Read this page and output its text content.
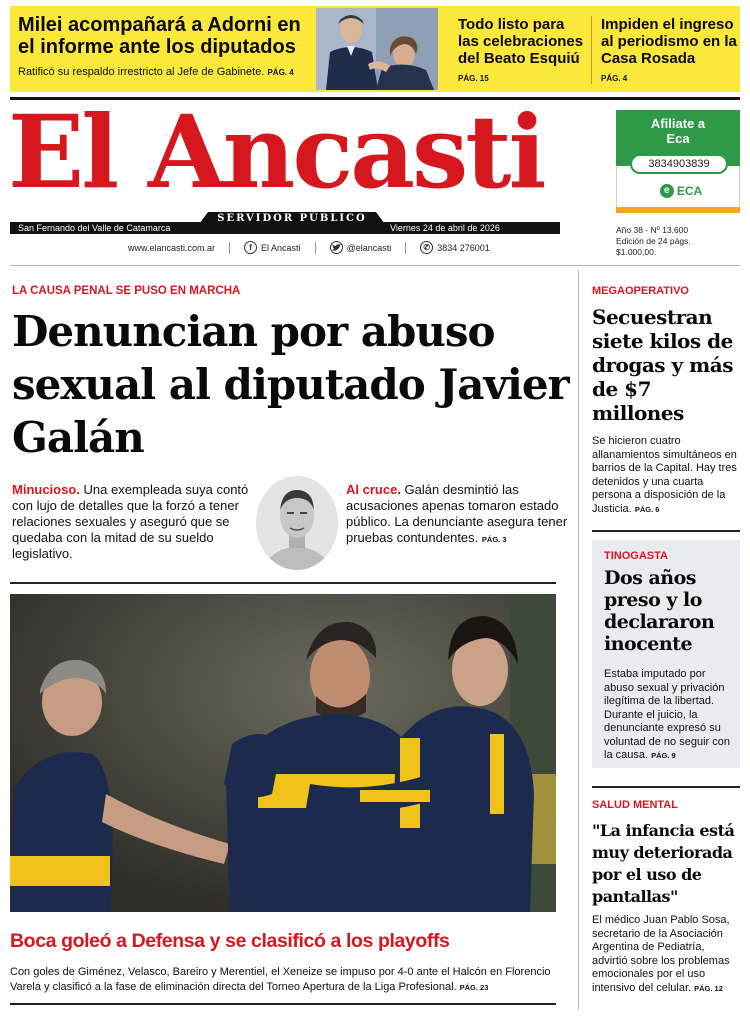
Milei acompañará a Adorni en el informe ante los diputados
Ratificó su respaldo irrestricto al Jefe de Gabinete. PÁG. 4
Todo listo para las celebraciones del Beato Esquiú
PÁG. 15
Impiden el ingreso al periodismo en la Casa Rosada
PÁG. 4
El Ancasti
SERVIDOR PÚBLICO
San Fernando del Valle de Catamarca	Viernes 24 de abril de 2026
www.elancasti.com.ar	f	El Ancasti	@elancasti	✆ 3834 276001
Afiliate a Eca
3834903839
e ECA
Año 38 - Nº 13.600
Edición de 24 págs.
$1.000,00.
LA CAUSA PENAL SE PUSO EN MARCHA
Denuncian por abuso sexual al diputado Javier Galán
Minucioso. Una exempleada suya contó con lujo de detalles que la forzó a tener relaciones sexuales y aseguró que se quedaba con la mitad de su sueldo legislativo.
Al cruce. Galán desmintió las acusaciones apenas tomaron estado público. La denunciante asegura tener pruebas contundentes. PÁG. 3
Boca goleó a Defensa y se clasificó a los playoffs
Con goles de Giménez, Velasco, Bareiro y Merentiel, el Xeneize se impuso por 4-0 ante el Halcón en Florencio Varela y clasificó a la fase de eliminación directa del Torneo Apertura de la Liga Profesional. PÁG. 23
MEGAOPERATIVO
Secuestran siete kilos de drogas y más de $7 millones
Se hicieron cuatro allanamientos simultáneos en barrios de la Capital. Hay tres detenidos y una cuarta persona a disposición de la Justicia. PÁG. 6
TINOGASTA
Dos años preso y lo declararon inocente
Estaba imputado por abuso sexual y privación ilegítima de la libertad. Durante el juicio, la denunciante expresó su voluntad de no seguir con la causa. PÁG. 9
SALUD MENTAL
"La infancia está muy deteriorada por el uso de pantallas"
El médico Juan Pablo Sosa, secretario de la Asociación Argentina de Pediatría, advirtió sobre los problemas emocionales por el uso intensivo del celular. PÁG. 12
